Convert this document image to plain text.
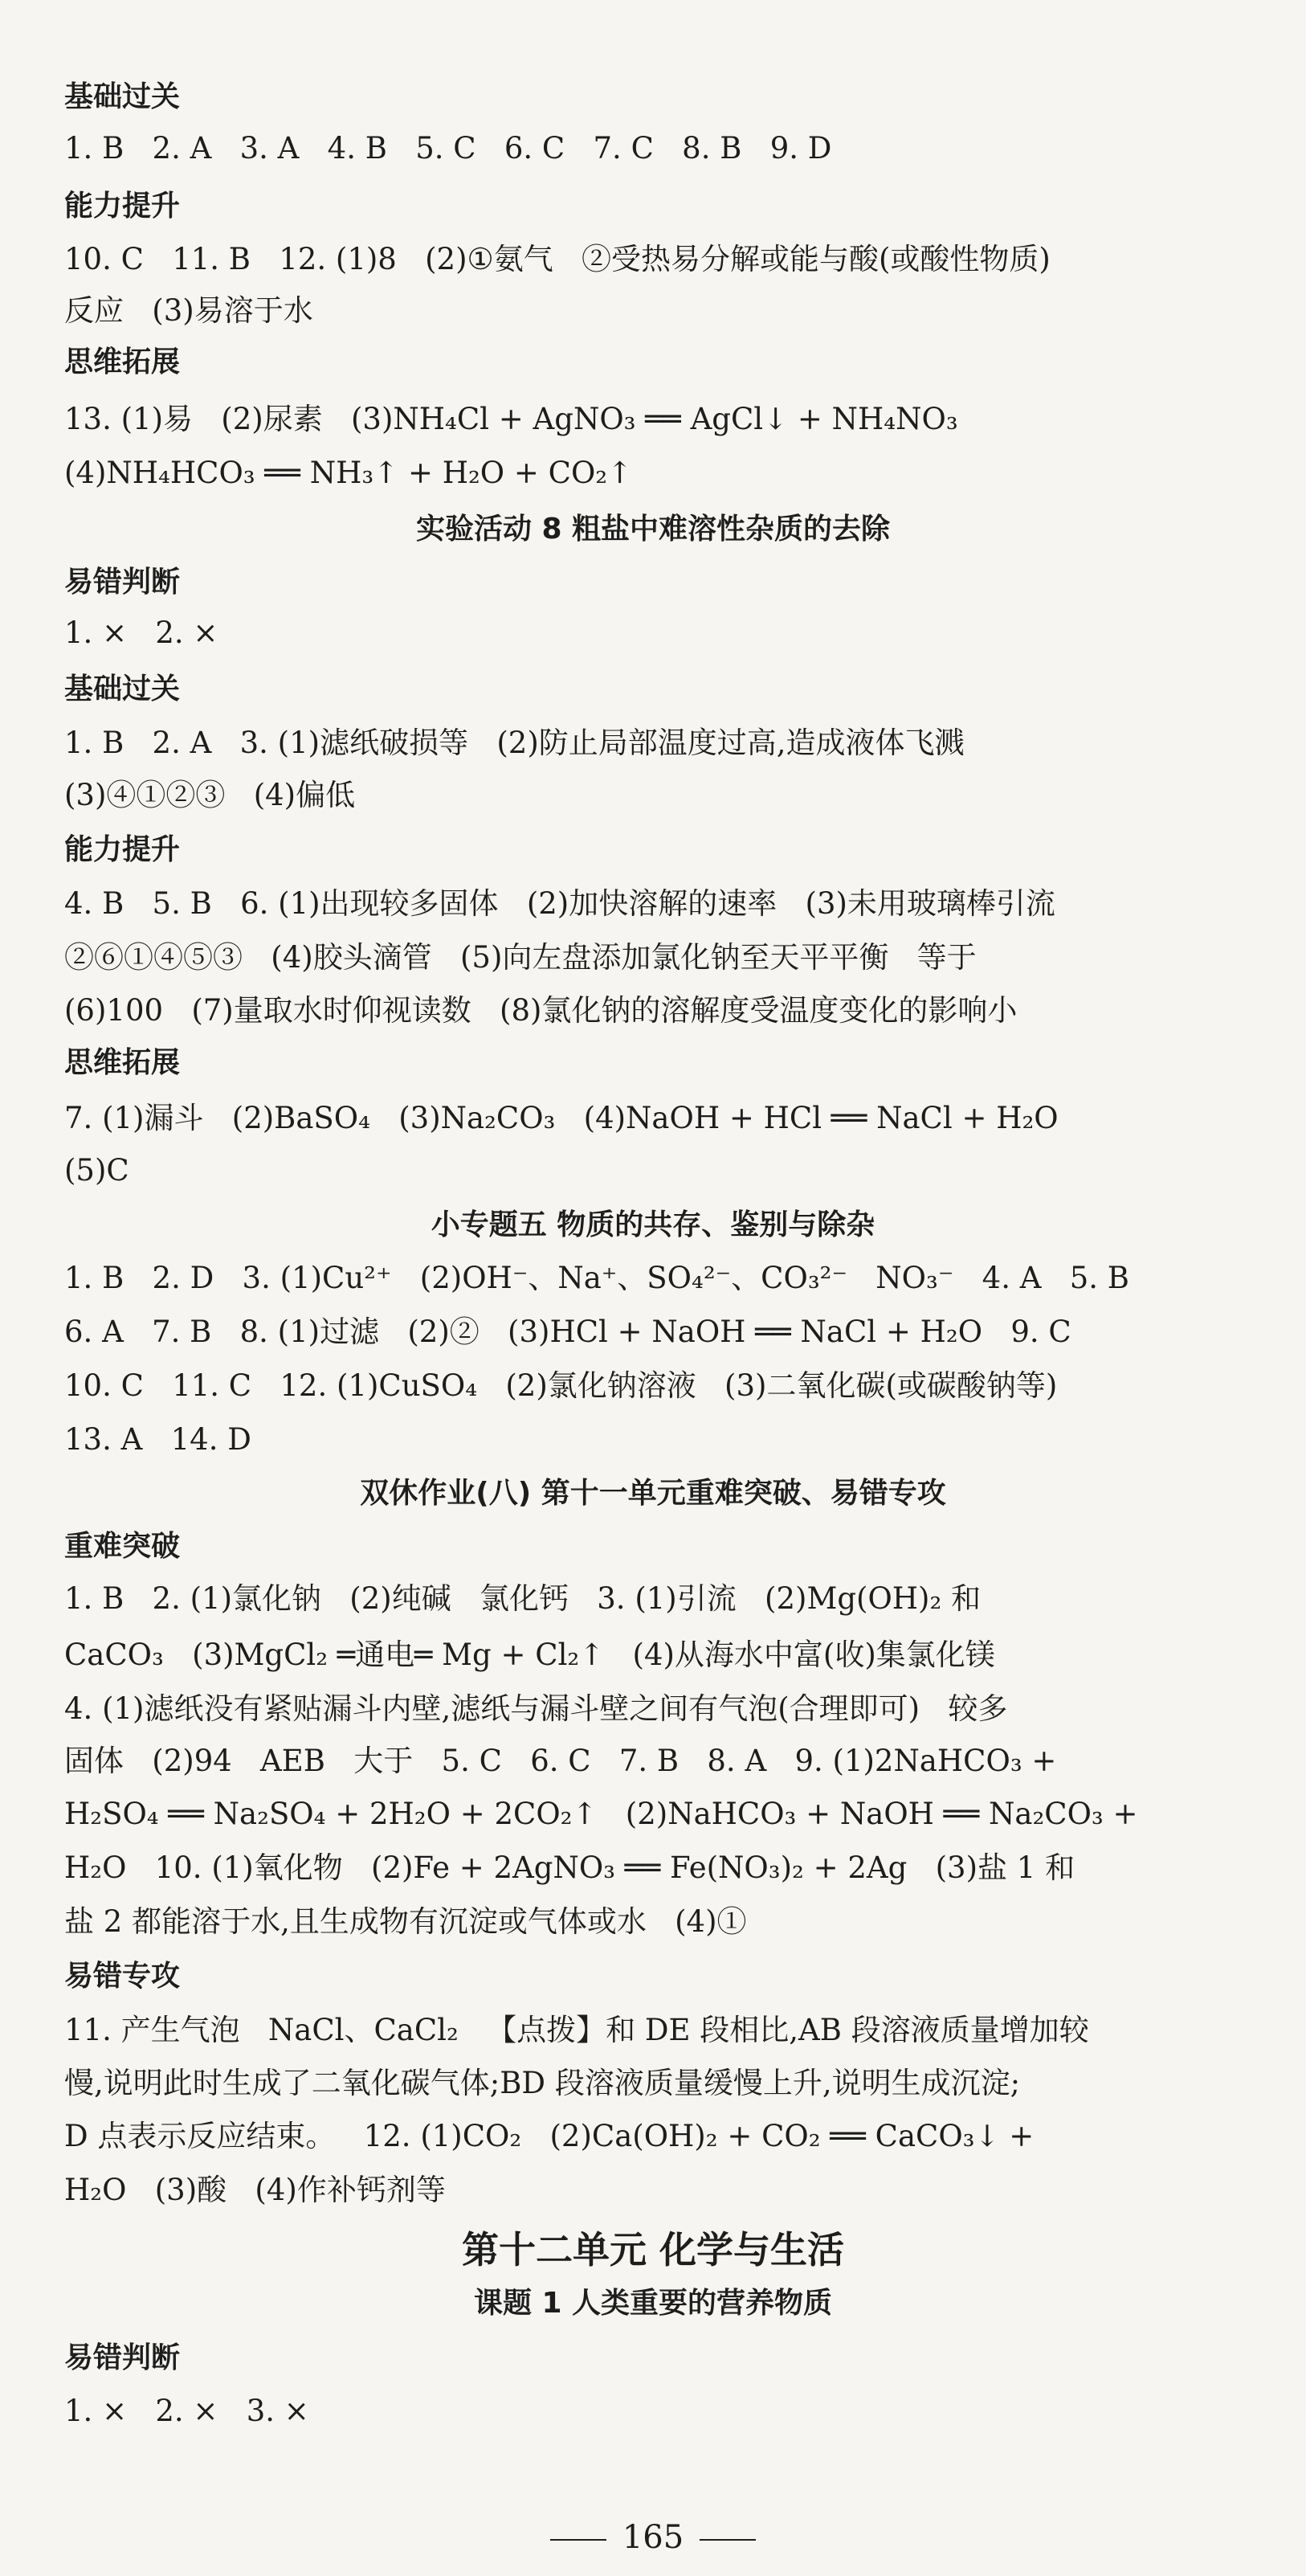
基础过关
1. B   2. A   3. A   4. B   5. C   6. C   7. C   8. B   9. D
能力提升
10. C   11. B   12. (1)8   (2)①氨气   ②受热易分解或能与酸(或酸性物质)
反应   (3)易溶于水
思维拓展
13. (1)易   (2)尿素   (3)NH₄Cl + AgNO₃ ══ AgCl↓ + NH₄NO₃
(4)NH₄HCO₃ ══ NH₃↑ + H₂O + CO₂↑
实验活动 8 粗盐中难溶性杂质的去除
易错判断
1. ×   2. ×
基础过关
1. B   2. A   3. (1)滤纸破损等   (2)防止局部温度过高,造成液体飞溅
(3)④①②③   (4)偏低
能力提升
4. B   5. B   6. (1)出现较多固体   (2)加快溶解的速率   (3)未用玻璃棒引流
②⑥①④⑤③   (4)胶头滴管   (5)向左盘添加氯化钠至天平平衡   等于
(6)100   (7)量取水时仰视读数   (8)氯化钠的溶解度受温度变化的影响小
思维拓展
7. (1)漏斗   (2)BaSO₄   (3)Na₂CO₃   (4)NaOH + HCl ══ NaCl + H₂O
(5)C
小专题五 物质的共存、鉴别与除杂
1. B   2. D   3. (1)Cu²⁺   (2)OH⁻、Na⁺、SO₄²⁻、CO₃²⁻   NO₃⁻   4. A   5. B
6. A   7. B   8. (1)过滤   (2)②   (3)HCl + NaOH ══ NaCl + H₂O   9. C
10. C   11. C   12. (1)CuSO₄   (2)氯化钠溶液   (3)二氧化碳(或碳酸钠等)
13. A   14. D
双休作业(八) 第十一单元重难突破、易错专攻
重难突破
1. B   2. (1)氯化钠   (2)纯碱   氯化钙   3. (1)引流   (2)Mg(OH)₂ 和
CaCO₃   (3)MgCl₂ ═通电═ Mg + Cl₂↑   (4)从海水中富(收)集氯化镁
4. (1)滤纸没有紧贴漏斗内壁,滤纸与漏斗壁之间有气泡(合理即可)   较多
固体   (2)94   AEB   大于   5. C   6. C   7. B   8. A   9. (1)2NaHCO₃ +
H₂SO₄ ══ Na₂SO₄ + 2H₂O + 2CO₂↑   (2)NaHCO₃ + NaOH ══ Na₂CO₃ +
H₂O   10. (1)氧化物   (2)Fe + 2AgNO₃ ══ Fe(NO₃)₂ + 2Ag   (3)盐 1 和
盐 2 都能溶于水,且生成物有沉淀或气体或水   (4)①
易错专攻
11. 产生气泡   NaCl、CaCl₂   【点拨】和 DE 段相比,AB 段溶液质量增加较
慢,说明此时生成了二氧化碳气体;BD 段溶液质量缓慢上升,说明生成沉淀;
D 点表示反应结束。   12. (1)CO₂   (2)Ca(OH)₂ + CO₂ ══ CaCO₃↓ +
H₂O   (3)酸   (4)作补钙剂等
第十二单元 化学与生活
课题 1 人类重要的营养物质
易错判断
1. ×   2. ×   3. ×
165
